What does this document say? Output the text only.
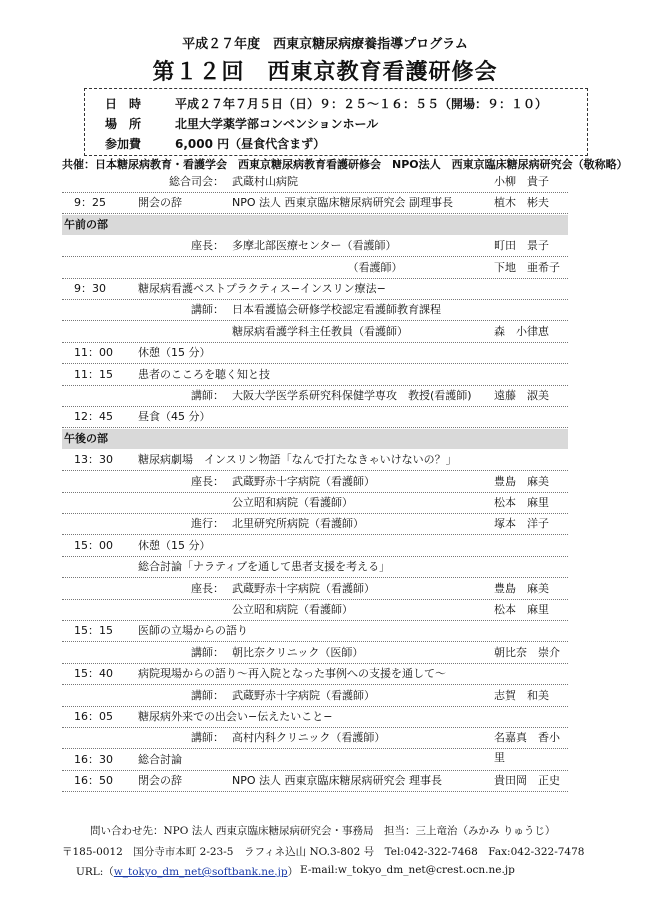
平成２７年度　西東京糖尿病療養指導プログラム
第１２回　西東京教育看護研修会
日　時	平成２７年７月５日（日）９：２５〜１６：５５（開場：９：１０）
場　所	北里大学薬学部コンベンションホール
参加費	6,000 円（昼食代含まず）
共催：日本糖尿病教育・看護学会　西東京糖尿病教育看護研修会　NPO法人　西東京臨床糖尿病研究会（敬称略）
総合司会： 武蔵村山病院	小柳　貴子
9：25	開会の辞	NPO 法人 西東京臨床糖尿病研究会 副理事長	植木　彬夫
午前の部
座長： 多摩北部医療センター（看護師）	町田　景子
　　　　　　　　　　　（看護師）	下地　亜希子
9：30	糖尿病看護ベストプラクティス−インスリン療法−
講師： 日本看護協会研修学校認定看護師教育課程
糖尿病看護学科主任教員（看護師）	森　小律恵
11：00	休憩（15 分）
11：15	患者のこころを聴く知と技
講師： 大阪大学医学系研究科保健学専攻　教授(看護師) 遠藤　淑美
12：45	昼食（45 分）
午後の部
13：30	糖尿病劇場　インスリン物語「なんで打たなきゃいけないの？」
座長： 武蔵野赤十字病院（看護師）	豊島　麻美
公立昭和病院（看護師）	松本　麻里
進行： 北里研究所病院（看護師）	塚本　洋子
15：00	休憩（15 分）
総合討論「ナラティブを通して患者支援を考える」
座長： 武蔵野赤十字病院（看護師）	豊島　麻美
公立昭和病院（看護師）	松本　麻里
15：15	医師の立場からの語り
講師： 朝比奈クリニック（医師）	朝比奈　崇介
15：40	病院現場からの語り〜再入院となった事例への支援を通して〜
講師： 武蔵野赤十字病院（看護師）	志賀　和美
16：05	糖尿病外来での出会い−伝えたいこと−
講師： 高村内科クリニック（看護師）	名嘉真　香小里
16：30	総合討論
16：50	閉会の辞	NPO 法人 西東京臨床糖尿病研究会 理事長	貴田岡　正史
問い合わせ先：NPO 法人 西東京臨床糖尿病研究会・事務局　担当：三上竜治（みかみ りゅうじ）
〒185-0012　国分寺市本町 2-23-5　ラフィネ込山 NO.3-802 号　Tel:042-322-7468　Fax:042-322-7478
URL:（w_tokyo_dm_net@softbank.ne.jp） E-mail:w_tokyo_dm_net@crest.ocn.ne.jp
